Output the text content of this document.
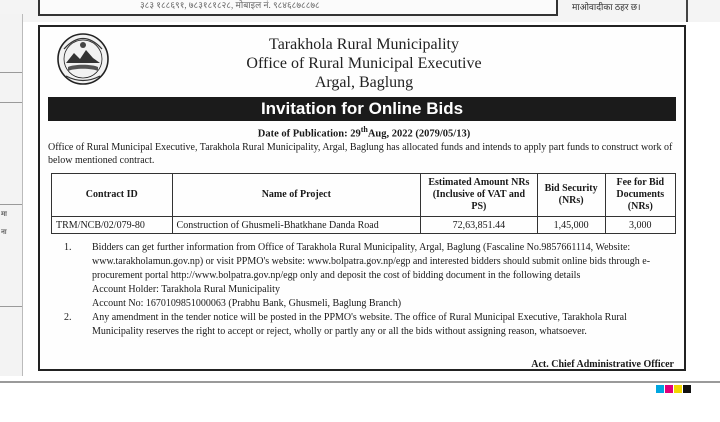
३८३ १८८६९१, ७८३१८१८२८, मोबाइल नं. ९८४६८७८८७८	माओवादीका ठहर छ।
मा
ना
Tarakhola Rural Municipality
Office of Rural Municipal Executive
Argal, Baglung
Invitation for Online Bids
Date of Publication: 29thAug, 2022 (2079/05/13)
Office of Rural Municipal Executive, Tarakhola Rural Municipality, Argal, Baglung has allocated funds and intends to apply part funds to construct work of below mentioned contract.
Contract ID	Name of Project	Estimated Amount NRs (Inclusive of VAT and PS)	Bid Security (NRs)	Fee for Bid Documents (NRs)
TRM/NCB/02/079-80	Construction of Ghusmeli-Bhatkhane Danda Road	72,63,851.44	1,45,000	3,000
1. Bidders can get further information from Office of Tarakhola Rural Municipality, Argal, Baglung (Fascaline No.9857661114, Website: www.tarakholamun.gov.np) or visit PPMO's website: www.bolpatra.gov.np/egp and interested bidders should submit online bids through e-procurement portal http://www.bolpatra.gov.np/egp only and deposit the cost of bidding document in the following details

Account Holder: Tarakhola Rural Municipality

Account No: 1670109851000063 (Prabhu Bank, Ghusmeli, Baglung Branch)

2. Any amendment in the tender notice will be posted in the PPMO's website. The office of Rural Municipal Executive, Tarakhola Rural Municipality reserves the right to accept or reject, wholly or partly any or all the bids without assigning reason, whatsoever.

Act. Chief Administrative Officer
